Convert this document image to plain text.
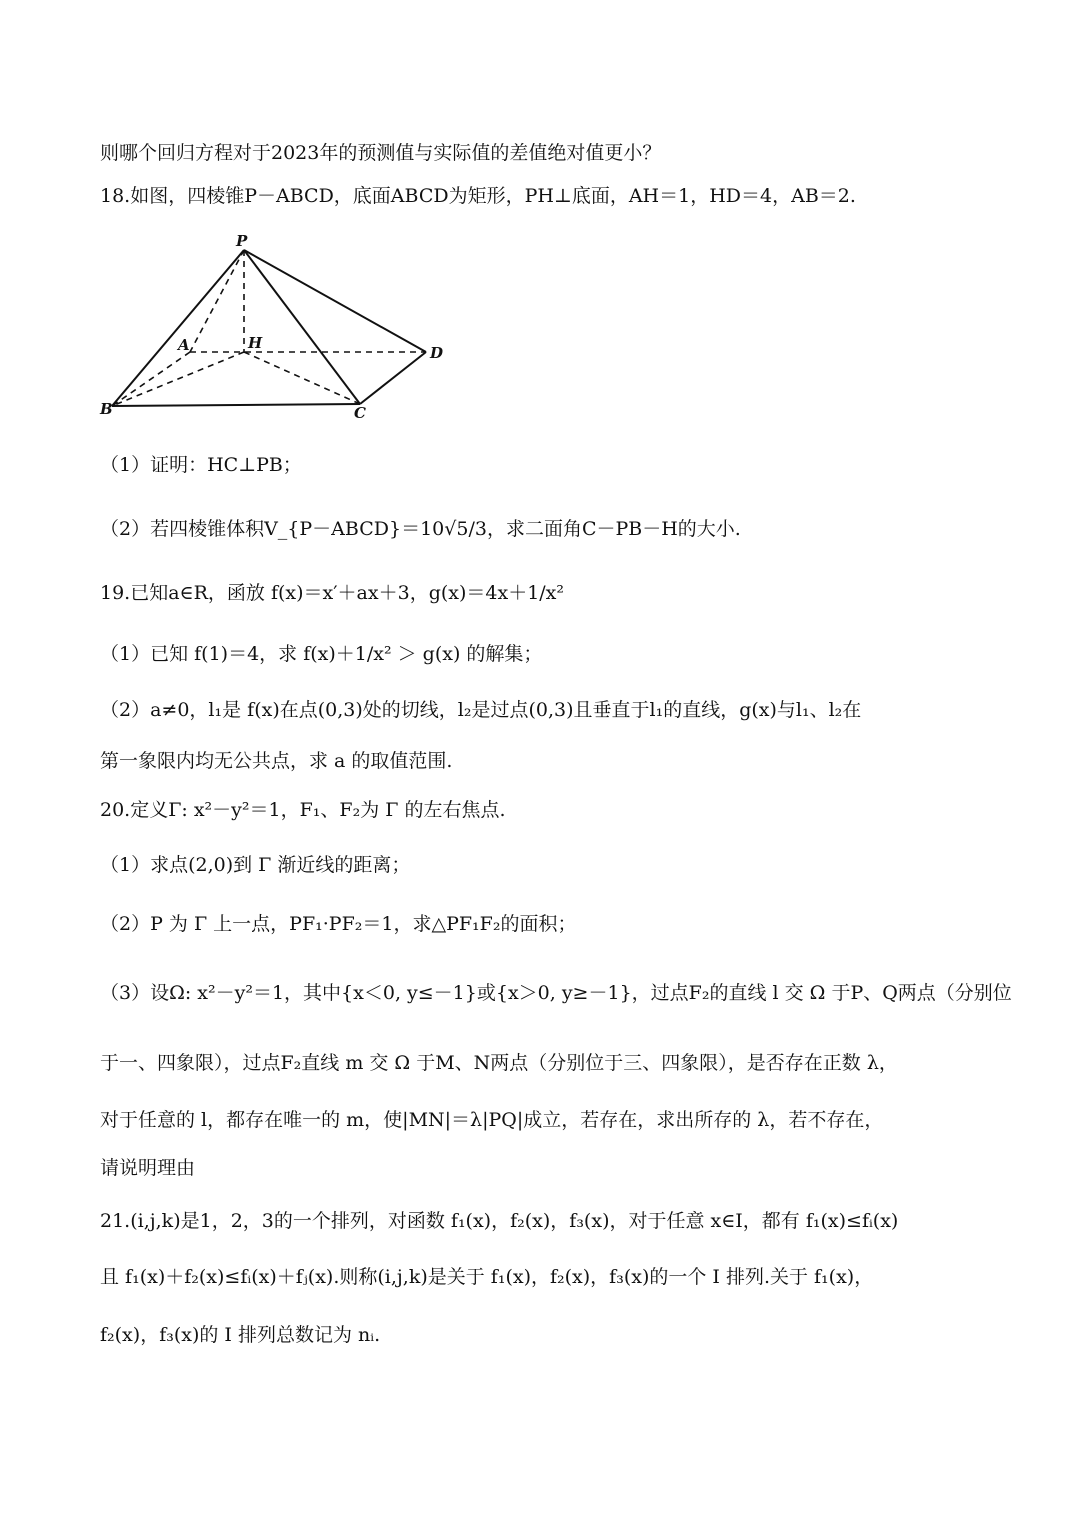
则哪个回归方程对于2023年的预测值与实际值的差值绝对值更小？
18.如图，四棱锥P－ABCD，底面ABCD为矩形，PH⊥底面，AH＝1，HD＝4，AB＝2.
P
A	H
D
B	C
（1）证明：HC⊥PB；
（2）若四棱锥体积V_{P－ABCD}＝10√5/3，求二面角C－PB－H的大小.
19.已知a∈R，函放 f(x)＝x′＋ax＋3，g(x)＝4x＋1/x²
（1）已知 f(1)＝4，求 f(x)＋1/x² ＞ g(x) 的解集；
（2）a≠0，l₁是 f(x)在点(0,3)处的切线，l₂是过点(0,3)且垂直于l₁的直线，g(x)与l₁、l₂在
第一象限内均无公共点，求 a 的取值范围.
20.定义Γ: x²－y²＝1，F₁、F₂为 Γ 的左右焦点.
（1）求点(2,0)到 Γ 渐近线的距离；
（2）P 为 Γ 上一点，PF₁·PF₂＝1，求△PF₁F₂的面积；
（3）设Ω: x²－y²＝1，其中{x＜0, y≤－1}或{x＞0, y≥－1}，过点F₂的直线 l 交 Ω 于P、Q两点（分别位
于一、四象限），过点F₂直线 m 交 Ω 于M、N两点（分别位于三、四象限），是否存在正数 λ，
对于任意的 l，都存在唯一的 m，使|MN|＝λ|PQ|成立，若存在，求出所存的 λ，若不存在，
请说明理由
21.(i,j,k)是1，2，3的一个排列，对函数 f₁(x)，f₂(x)，f₃(x)，对于任意 x∈I，都有 f₁(x)≤fᵢ(x)
且 f₁(x)＋f₂(x)≤fᵢ(x)＋fⱼ(x).则称(i,j,k)是关于 f₁(x)，f₂(x)，f₃(x)的一个 I 排列.关于 f₁(x)，
f₂(x)，f₃(x)的 I 排列总数记为 nᵢ.
